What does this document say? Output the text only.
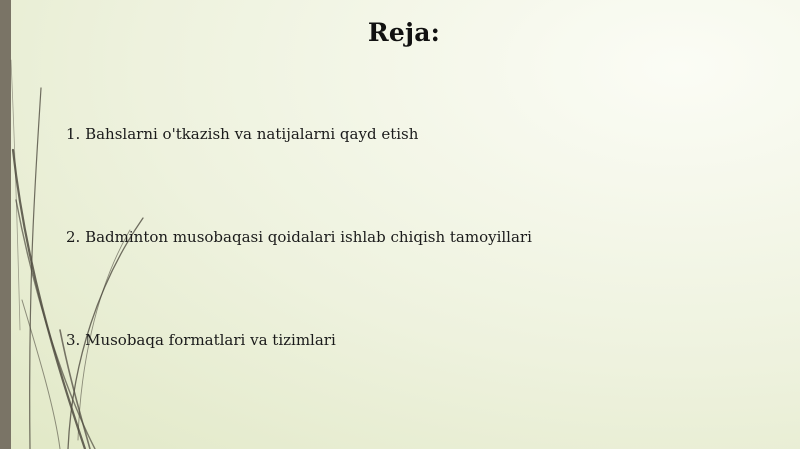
Reja:
1. Bahslarni o'tkazish va natijalarni qayd etish
2. Badminton musobaqasi qoidalari ishlab chiqish tamoyillari
3. Musobaqa formatlari va tizimlari
